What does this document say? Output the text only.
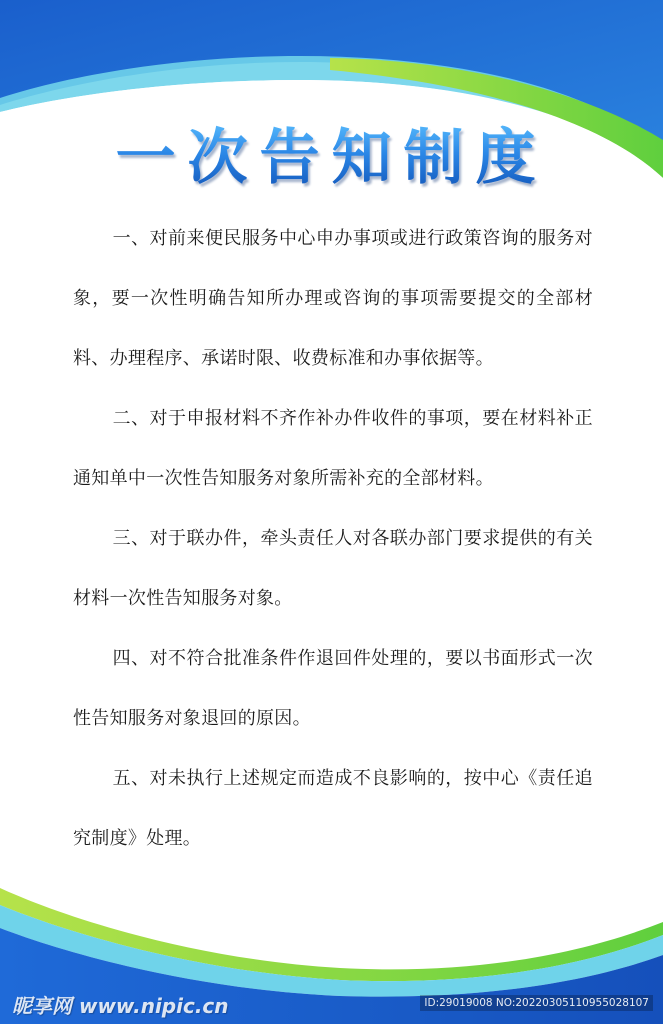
一次告知制度

一、对前来便民服务中心申办事项或进行政策咨询的服务对象，要一次性明确告知所办理或咨询的事项需要提交的全部材料、办理程序、承诺时限、收费标准和办事依据等。

二、对于申报材料不齐作补办件收件的事项，要在材料补正通知单中一次性告知服务对象所需补充的全部材料。

三、对于联办件，牵头责任人对各联办部门要求提供的有关材料一次性告知服务对象。

四、对不符合批准条件作退回件处理的，要以书面形式一次性告知服务对象退回的原因。

五、对未执行上述规定而造成不良影响的，按中心《责任追究制度》处理。

昵享网 www.nipic.cn	ID:29019008 NO:20220305110955028107
